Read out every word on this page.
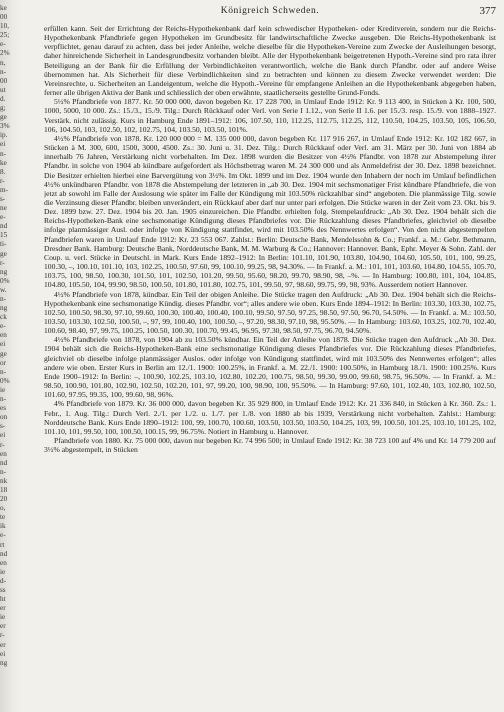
ke
00
10,
25;
e-
2%
n,
n-
00
ut
d.
g;
ge
3%
ip.
ei
n-
ke
8.
r-
m-
s-
ne
e-
nd
15
ti-
ge
r-
ng
0%
w.
n-
ng
ck
e-
en
ei
ge
or
n-
0%
ie
n-
es
on
s-
ei
r-
en
nd
n-
nk
18
20
o,
te
ik
e-
rt
nd
en
ie
d-
ss
ht
er
ie
er
r-
er
ei
ng
Königreich Schweden.	377

erfüllen kann. Seit der Errichtung der Reichs-Hypothekenbank darf kein schwedischer Hypotheken- oder Kreditverein, sondern nur die Reichs-Hypothekenbank Pfandbriefe gegen Hypotheken im Grundbesitz für landwirtschaftliche Zwecke ausgeben. Die Reichs-Hypothekenbank ist verpflichtet, genau darauf zu achten, dass bei jeder Anleihe, welche dieselbe für die Hypotheken-Vereine zum Zwecke der Ausleihungen besorgt, daher hinreichende Sicherheit in Landesgrundbesitz vorhanden bleibt. Alle der Hypothekenbank beigetretenen Hypoth.-Vereine sind pro rata ihrer Beteiligung an der Bank für die Erfüllung der Verbindlichkeiten verantwortlich, welche die Bank durch Pfandbr. oder auf andere Weise übernommen hat. Als Sicherheit für diese Verbindlichkeiten sind zu betrachten und können zu diesem Zwecke verwendet werden: Die Vereinsrechte, u. Sicherheiten an Landeigentum, welche die Hypoth.-Vereine für empfangene Anleihen an die Hypothekenbank abgegeben haben, ferner alle übrigen Aktiva der Bank und schliesslich der oben erwähnte, staatlicherseits gestellte Grund-Fonds.

5½% Pfandbriefe von 1877. Kr. 50 000 000, davon begeben Kr. 17 228 700, in Umlauf Ende 1912: Kr. 9 113 400, in Stücken à Kr. 100, 500, 1000, 5000, 10 000. Zs.: 15./3., 15./9. Tilg.: Durch Rückkauf oder Verl. von Serie I 1.12., von Serie II 1.6. per 15./3. resp. 15./9. von 1888–1927. Verstärk. nicht zulässig. Kurs in Hamburg Ende 1891–1912: 106, 107.50, 110, 112.25, 112.75, 112.25, 112, 110.50, 104.25, 103.50, 105, 106.50, 106, 104.50, 103, 102.50, 102, 102.75, 104, 103.50, 103.50, 101%.

4½% Pfandbriefe von 1878. Kr. 120 000 000 = M. 135 000 000, davon begeben Kr. 117 916 267, in Umlauf Ende 1912: Kr. 102 182 667, in Stücken à M. 300, 600, 1500, 3000, 4500. Zs.: 30. Juni u. 31. Dez. Tilg.: Durch Rückkauf oder Verl. am 31. März per 30. Juni von 1884 ab innerhalb 76 Jahren, Verstärkung nicht vorbehalten. Im Dez. 1898 wurden die Besitzer von 4½% Pfandbr. von 1878 zur Abstempelung ihrer Pfandbr. in solche von 1904 ab kündbare aufgefordert als Höchstbetrag waren M. 24 300 000 und als Anmeldefrist der 30. Dez. 1898 bezeichnet. Die Besitzer erhielten hierbei eine Barvergütung von 3½%. Im Okt. 1899 und im Dez. 1904 wurde den Inhabern der noch im Umlauf befindlichen 4½% unkündbaren Pfandbr. von 1878 die Abstempelung der letzteren in „ab 30. Dez. 1904 mit sechsmonatiger Frist kündbare Pfandbriefe, die von jetzt ab sowohl im Falle der Auslosung wie später im Falle der Kündigung mit 103.50% rückzahlbar sind“ angeboten. Die planmässige Tilg. sowie die Verzinsung dieser Pfandbr. bleiben unverändert, ein Rückkauf aber darf nur unter pari erfolgen. Die Stücke waren in der Zeit vom 23. Okt. bis 9. Dez. 1899 bzw. 27. Dez. 1904 bis 20. Jan. 1905 einzureichen. Die Pfandbr. erhielten folg. Stempelaufdruck: „Ab 30. Dez. 1904 behält sich die Reichs-Hypotheken-Bank eine sechsmonatige Kündigung dieses Pfandbriefes vor. Die Rückzahlung dieses Pfandbriefes, gleichviel ob dieselbe infolge planmässiger Ausl. oder infolge von Kündigung stattfindet, wird mit 103.50% des Nennwertes erfolgen“. Von den nicht abgestempelten Pfandbriefen waren in Umlauf Ende 1912: Kr. 23 553 067. Zahlst.: Berlin: Deutsche Bank, Mendelssohn & Co.; Frankf. a. M.: Gebr. Bethmann, Dresdner Bank. Hamburg: Deutsche Bank, Norddeutsche Bank, M. M. Warburg & Co.; Hannover: Hannover. Bank, Ephr. Meyer & Sohn. Zahl. der Coup. u. verl. Stücke in Deutschl. in Mark. Kurs Ende 1892–1912: In Berlin: 101.10, 101.90, 103.80, 104.90, 104.60, 105.50, 101, 100, 99.25, 100.30, –, 100.10, 101.10, 103, 102.25, 100.50, 97.60, 99, 100.10, 99.25, 98, 94.30%. — In Frankf. a. M.: 101, 101, 103.60, 104.80, 104.55, 105.70, 103.75, 100, 98.50, 100.30, 101.50, 101, 102.50, 101.20, 99.50, 95.60, 98.20, 99.70, 98.90, 98, –%. — In Hamburg: 100.80, 101, 104, 104.85, 104.80, 105.50, 104, 99.90, 98.50, 100.50, 101.80, 101.80, 102.75, 101, 99.50, 97, 98.60, 99.75, 99, 98, 93%. Ausserdem notiert Hannover.

4½% Pfandbriefe von 1878, kündbar. Ein Teil der obigen Anleihe. Die Stücke tragen den Aufdruck: „Ab 30. Dez. 1904 behält sich die Reichs-Hypothekenbank eine sechsmonatige Kündig. dieses Pfandbr. vor“; alles andere wie oben. Kurs Ende 1894–1912: In Berlin: 103.30, 103.30, 102.75, 102.50, 100.50, 98.30, 97.10, 99.60, 100.30, 100.40, 100.40, 100.10, 99.50, 97.50, 97.25, 98.50, 97.50, 96.70, 54.50%. — In Frankf. a. M.: 103.50, 103.50, 103.30, 102.50, 100.50, –, 97, 99, 100.40, 100, 100.50, –, 97.20, 98.30, 97.10, 98, 95.50%. — In Hamburg: 103.60, 103.25, 102.70, 102.40, 100.60, 98.40, 97, 99.75, 100.25, 100.50, 100.30, 100.70, 99.45, 96.95, 97.30, 98.50, 97.75, 96.70, 94.50%.

4½% Pfandbriefe von 1878, von 1904 ab zu 103.50% kündbar. Ein Teil der Anleihe von 1878. Die Stücke tragen den Aufdruck „Ab 30. Dez. 1904 behält sich die Reichs-Hypotheken-Bank eine sechsmonatige Kündigung dieses Pfandbriefes vor. Die Rückzahlung dieses Pfandbriefes, gleichviel ob dieselbe infolge planmässiger Auslos. oder infolge von Kündigung stattfindet, wird mit 103.50% des Nennwertes erfolgen“; alles andere wie oben. Erster Kurs in Berlin am 12./1. 1900: 100.25%, in Frankf. a. M. 22./1. 1900: 100.50%, in Hamburg 18./1. 1900: 100.25%. Kurs Ende 1900–1912: In Berlin: –, 100.90, 102.25, 103.10, 102.80, 102.20, 100.75, 98.50, 99.30, 99.00, 99.60, 98.75, 96.50%. — In Frankf. a. M.: 98.50, 100.90, 101.80, 102.90, 102.50, 102.20, 101, 97, 99.20, 100, 98.90, 100, 95.50%. — In Hamburg: 97.60, 101, 102.40, 103, 102.80, 102.50, 101.60, 97.95, 99.35, 100, 99.60, 98, 96%.

4% Pfandbriefe von 1879. Kr. 36 000 000, davon begeben Kr. 35 929 800, in Umlauf Ende 1912: Kr. 21 336 840, in Stücken à Kr. 360. Zs.: 1. Febr., 1. Aug. Tilg.: Durch Verl. 2./1. per 1./2. u. 1./7. per 1./8. von 1880 ab bis 1939, Verstärkung nicht vorbehalten. Zahlst.: Hamburg: Norddeutsche Bank. Kurs Ende 1890–1912: 100, 99, 100.70, 100.60, 103.50, 103.50, 103.50, 104.25, 103, 99, 100.50, 101.25, 103.10, 101.25, 102, 101.10, 101, 99.50, 100, 100.50, 100.15, 99, 96.75%. Notiert in Hamburg u. Hannover.

Pfandbriefe von 1880. Kr. 75 000 000, davon nur begeben Kr. 74 996 500; in Umlauf Ende 1912: Kr. 38 723 100 auf 4% und Kr. 14 779 200 auf 3½% abgestempelt, in Stücken
